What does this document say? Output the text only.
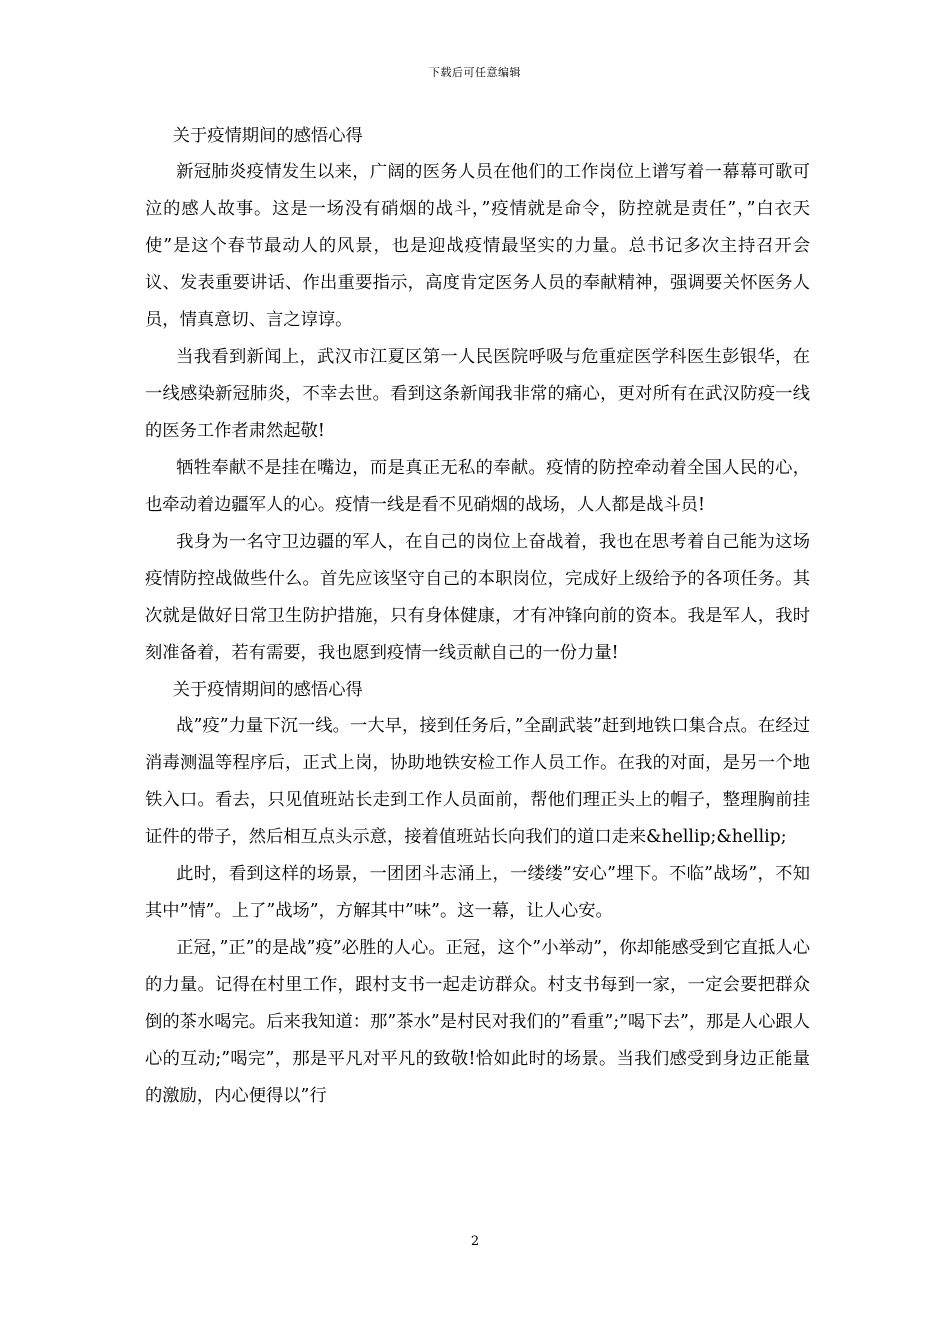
下载后可任意编辑

关于疫情期间的感悟心得

新冠肺炎疫情发生以来，广阔的医务人员在他们的工作岗位上谱写着一幕幕可歌可泣的感人故事。这是一场没有硝烟的战斗，”疫情就是命令，防控就是责任”，”白衣天使”是这个春节最动人的风景，也是迎战疫情最坚实的力量。总书记多次主持召开会议、发表重要讲话、作出重要指示，高度肯定医务人员的奉献精神，强调要关怀医务人员，情真意切、言之谆谆。

当我看到新闻上，武汉市江夏区第一人民医院呼吸与危重症医学科医生彭银华，在一线感染新冠肺炎，不幸去世。看到这条新闻我非常的痛心，更对所有在武汉防疫一线的医务工作者肃然起敬!

牺牲奉献不是挂在嘴边，而是真正无私的奉献。疫情的防控牵动着全国人民的心，也牵动着边疆军人的心。疫情一线是看不见硝烟的战场，人人都是战斗员!

我身为一名守卫边疆的军人，在自己的岗位上奋战着，我也在思考着自己能为这场疫情防控战做些什么。首先应该坚守自己的本职岗位，完成好上级给予的各项任务。其次就是做好日常卫生防护措施，只有身体健康，才有冲锋向前的资本。我是军人，我时刻准备着，若有需要，我也愿到疫情一线贡献自己的一份力量!

关于疫情期间的感悟心得

战”疫”力量下沉一线。一大早，接到任务后，”全副武装”赶到地铁口集合点。在经过消毒测温等程序后，正式上岗，协助地铁安检工作人员工作。在我的对面，是另一个地铁入口。看去，只见值班站长走到工作人员面前，帮他们理正头上的帽子，整理胸前挂证件的带子，然后相互点头示意，接着值班站长向我们的道口走来&hellip;&hellip;

此时，看到这样的场景，一团团斗志涌上，一缕缕”安心”埋下。不临”战场”，不知其中”情”。上了”战场”，方解其中”味”。这一幕，让人心安。

正冠，”正”的是战”疫”必胜的人心。正冠，这个”小举动”，你却能感受到它直抵人心的力量。记得在村里工作，跟村支书一起走访群众。村支书每到一家，一定会要把群众倒的茶水喝完。后来我知道：那”茶水”是村民对我们的”看重”;”喝下去”，那是人心跟人心的互动;”喝完”，那是平凡对平凡的致敬!恰如此时的场景。当我们感受到身边正能量的激励，内心便得以”行

2
